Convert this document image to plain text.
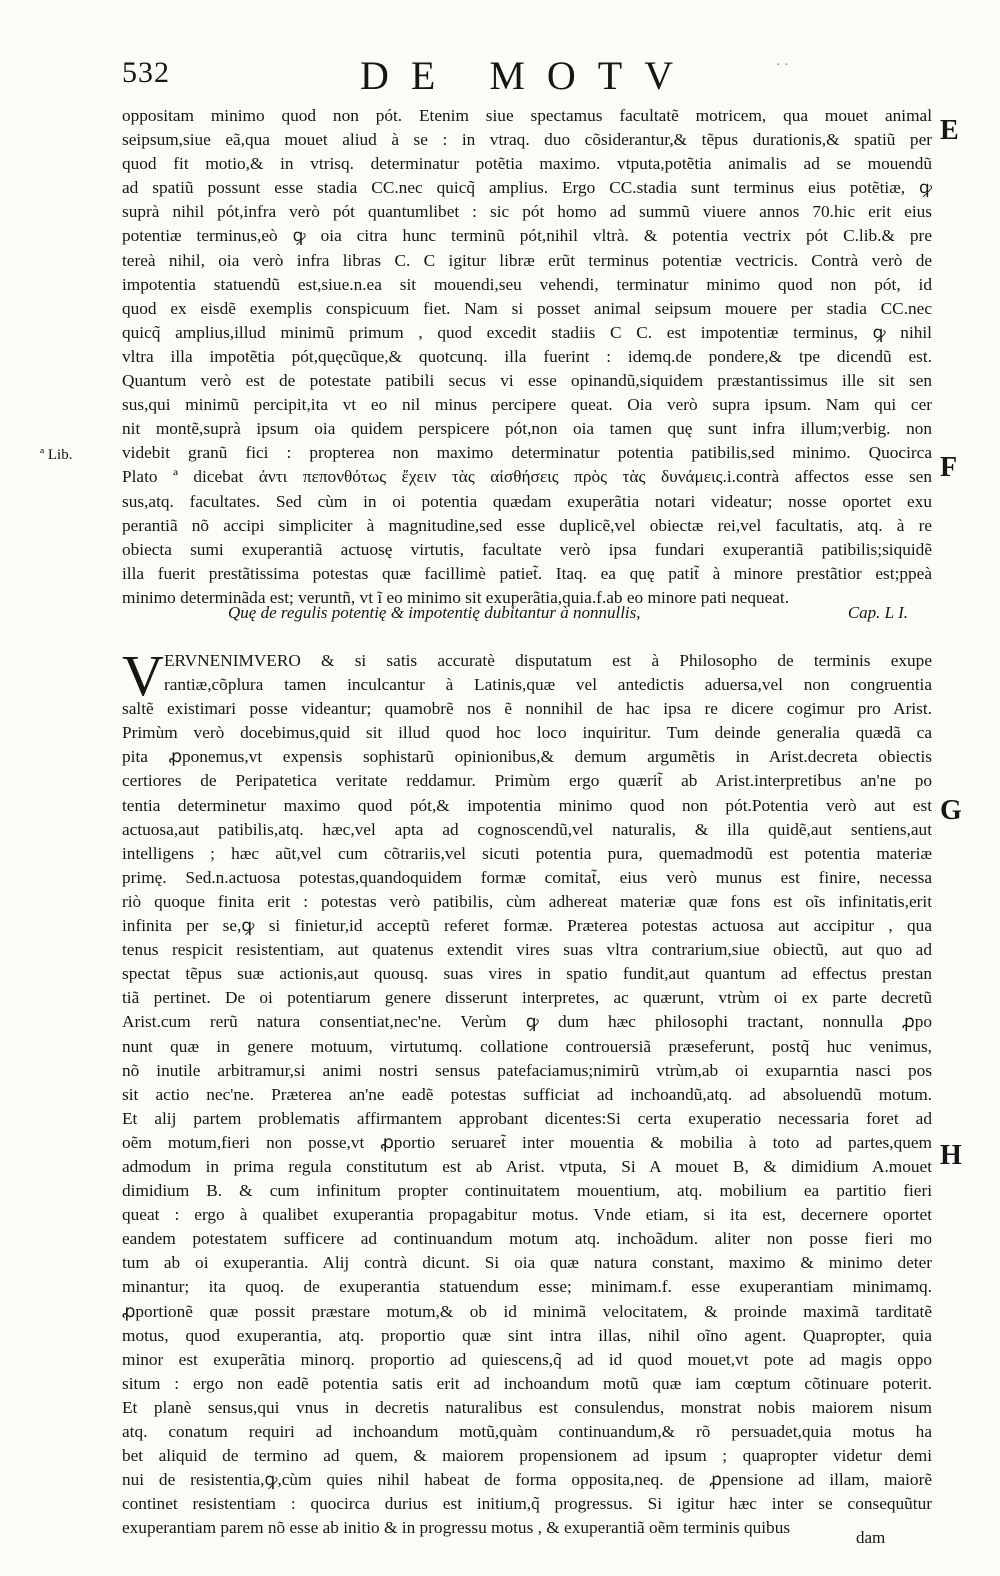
532	DE MOTV	· ·
ª Lib.
E
F
G
H
oppositam minimo quod non pót. Etenim siue spectamus facultatẽ motricem, qua mouet animal
seipsum,siue eã,qua mouet aliud à se : in vtraq. duo cõsiderantur,& tẽpus durationis,& spatiũ per
quod fit motio,& in vtrisq. determinatur potẽtia maximo. vtputa,potẽtia animalis ad se mouendũ
ad spatiũ possunt esse stadia CC.nec quicq̃ amplius. Ergo CC.stadia sunt terminus eius potẽtiæ, ꝙ
suprà nihil pót,infra verò pót quantumlibet : sic pót homo ad summũ viuere annos 70.hic erit eius
potentiæ terminus,eò ꝙ oia citra hunc terminũ pót,nihil vltrà. & potentia vectrix pót C.lib.& pre
tereà nihil, oia verò infra libras C. C igitur libræ erũt terminus potentiæ vectricis. Contrà verò de
impotentia statuendũ est,siue.n.ea sit mouendi,seu vehendi, terminatur minimo quod non pót, id
quod ex eisdẽ exemplis conspicuum fiet. Nam si posset animal seipsum mouere per stadia CC.nec
quicq̃ amplius,illud minimũ primum , quod excedit stadiis C C. est impotentiæ terminus, ꝙ nihil
vltra illa impotẽtia pót,quęcũque,& quotcunq. illa fuerint : idemq.de pondere,& tpe dicendũ est.
Quantum verò est de potestate patibili secus vi esse opinandũ,siquidem præstantissimus ille sit sen
sus,qui minimũ percipit,ita vt eo nil minus percipere queat. Oia verò supra ipsum. Nam qui cer
nit montẽ,suprà ipsum oia quidem perspicere pót,non oia tamen quę sunt infra illum;verbig. non
videbit granũ fici : propterea non maximo determinatur potentia patibilis,sed minimo. Quocirca
Plato ª dicebat ἀντι πεπονθότως ἔχειν τὰς αἰσθήσεις πρὸς τὰς δυνάμεις.i.contrà affectos esse sen
sus,atq. facultates. Sed cùm in oi potentia quædam exuperãtia notari videatur; nosse oportet exu
perantiã nõ accipi simpliciter à magnitudine,sed esse duplicẽ,vel obiectæ rei,vel facultatis, atq. à re
obiecta sumi exuperantiã actuosę virtutis, facultate verò ipsa fundari exuperantiã patibilis;siquidẽ
illa fuerit prestãtissima potestas quæ facillimè patiet̃. Itaq. ea quę patit̃ à minore prestãtior est;ppeà
minimo determinãda est; veruntñ, vt ĩ eo minimo sit exuperãtia,quia.f.ab eo minore pati nequeat.
Quę de regulis potentię & impotentię dubitantur à nonnullis,	Cap. L I.
V ERVNENIMVERO & si satis accuratè disputatum est à Philosopho de terminis exupe
rantiæ,cõplura tamen inculcantur à Latinis,quæ vel antedictis aduersa,vel non congruentia
saltẽ existimari posse videantur; quamobrẽ nos ẽ nonnihil de hac ipsa re dicere cogimur pro Arist.
Primùm verò docebimus,quid sit illud quod hoc loco inquiritur. Tum deinde generalia quædã ca
pita ꝓponemus,vt expensis sophistarũ opinionibus,& demum argumẽtis in Arist.decreta obiectis
certiores de Peripatetica veritate reddamur. Primùm ergo quærit̃ ab Arist.interpretibus an'ne po
tentia determinetur maximo quod pót,& impotentia minimo quod non pót.Potentia verò aut est
actuosa,aut patibilis,atq. hæc,vel apta ad cognoscendũ,vel naturalis, & illa quidẽ,aut sentiens,aut
intelligens ; hæc aũt,vel cum cõtrariis,vel sicuti potentia pura, quemadmodũ est potentia materiæ
primę. Sed.n.actuosa potestas,quandoquidem formæ comitat̃, eius verò munus est finire, necessa
riò quoque finita erit : potestas verò patibilis, cùm adhereat materiæ quæ fons est oĩs infinitatis,erit
infinita per se,ꝙ si finietur,id acceptũ referet formæ. Præterea potestas actuosa aut accipitur , qua
tenus respicit resistentiam, aut quatenus extendit vires suas vltra contrarium,siue obiectũ, aut quo ad
spectat tẽpus suæ actionis,aut quousq. suas vires in spatio fundit,aut quantum ad effectus prestan
tiã pertinet. De oi potentiarum genere disserunt interpretes, ac quærunt, vtrùm oi ex parte decretũ
Arist.cum rerũ natura consentiat,nec'ne. Verùm ꝙ dum hæc philosophi tractant, nonnulla ꝓpo
nunt quæ in genere motuum, virtutumq. collatione controuersiã præseferunt, postq̃ huc venimus,
nõ inutile arbitramur,si animi nostri sensus patefaciamus;nimirũ vtrùm,ab oi exuparntia nasci pos
sit actio nec'ne. Præterea an'ne eadẽ potestas sufficiat ad inchoandũ,atq. ad absoluendũ motum.
Et alij partem problematis affirmantem approbant dicentes:Si certa exuperatio necessaria foret ad
oẽm motum,fieri non posse,vt ꝓportio seruaret̃ inter mouentia & mobilia à toto ad partes,quem
admodum in prima regula constitutum est ab Arist. vtputa, Si A mouet B, & dimidium A.mouet
dimidium B. & cum infinitum propter continuitatem mouentium, atq. mobilium ea partitio fieri
queat : ergo à qualibet exuperantia propagabitur motus. Vnde etiam, si ita est, decernere oportet
eandem potestatem sufficere ad continuandum motum atq. inchoãdum. aliter non posse fieri mo
tum ab oi exuperantia. Alij contrà dicunt. Si oia quæ natura constant, maximo & minimo deter
minantur; ita quoq. de exuperantia statuendum esse; minimam.f. esse exuperantiam minimamq.
ꝓportionẽ quæ possit præstare motum,& ob id minimã velocitatem, & proinde maximã tarditatẽ
motus, quod exuperantia, atq. proportio quæ sint intra illas, nihil oĩno agent. Quapropter, quia
minor est exuperãtia minorq. proportio ad quiescens,q̃ ad id quod mouet,vt pote ad magis oppo
situm : ergo non eadẽ potentia satis erit ad inchoandum motũ quæ iam cœptum cõtinuare poterit.
Et planè sensus,qui vnus in decretis naturalibus est consulendus, monstrat nobis maiorem nisum
atq. conatum requiri ad inchoandum motũ,quàm continuandum,& rõ persuadet,quia motus ha
bet aliquid de termino ad quem, & maiorem propensionem ad ipsum ; quapropter videtur demi
nui de resistentia,ꝙ,cùm quies nihil habeat de forma opposita,neq. de ꝓpensione ad illam, maiorẽ
continet resistentiam : quocirca durius est initium,q̃ progressus. Si igitur hæc inter se consequũtur
exuperantiam parem nõ esse ab initio & in progressu motus , & exuperantiã oẽm terminis quibus
dam
